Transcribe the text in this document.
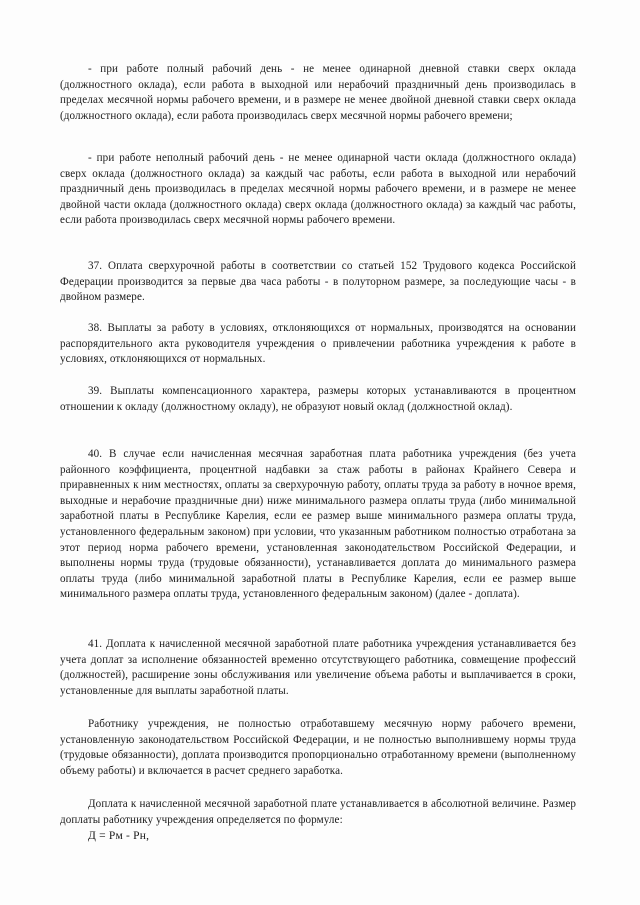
- при работе полный рабочий день - не менее одинарной дневной ставки сверх оклада (должностного оклада), если работа в выходной или нерабочий праздничный день производилась в пределах месячной нормы рабочего времени, и в размере не менее двойной дневной ставки сверх оклада (должностного оклада), если работа производилась сверх месячной нормы рабочего времени;

- при работе неполный рабочий день - не менее одинарной части оклада (должностного оклада) сверх оклада (должностного оклада) за каждый час работы, если работа в выходной или нерабочий праздничный день производилась в пределах месячной нормы рабочего времени, и в размере не менее двойной части оклада (должностного оклада) сверх оклада (должностного оклада) за каждый час работы, если работа производилась сверх месячной нормы рабочего времени.

37. Оплата сверхурочной работы в соответствии со статьей 152 Трудового кодекса Российской Федерации производится за первые два часа работы - в полуторном размере, за последующие часы - в двойном размере.

38. Выплаты за работу в условиях, отклоняющихся от нормальных, производятся на основании распорядительного акта руководителя учреждения о привлечении работника учреждения к работе в условиях, отклоняющихся от нормальных.

39. Выплаты компенсационного характера, размеры которых устанавливаются в процентном отношении к окладу (должностному окладу), не образуют новый оклад (должностной оклад).

40. В случае если начисленная месячная заработная плата работника учреждения (без учета районного коэффициента, процентной надбавки за стаж работы в районах Крайнего Севера и приравненных к ним местностях, оплаты за сверхурочную работу, оплаты труда за работу в ночное время, выходные и нерабочие праздничные дни) ниже минимального размера оплаты труда (либо минимальной заработной платы в Республике Карелия, если ее размер выше минимального размера оплаты труда, установленного федеральным законом) при условии, что указанным работником полностью отработана за этот период норма рабочего времени, установленная законодательством Российской Федерации, и выполнены нормы труда (трудовые обязанности), устанавливается доплата до минимального размера оплаты труда (либо минимальной заработной платы в Республике Карелия, если ее размер выше минимального размера оплаты труда, установленного федеральным законом) (далее - доплата).

41. Доплата к начисленной месячной заработной плате работника учреждения устанавливается без учета доплат за исполнение обязанностей временно отсутствующего работника, совмещение профессий (должностей), расширение зоны обслуживания или увеличение объема работы и выплачивается в сроки, установленные для выплаты заработной платы.

Работнику учреждения, не полностью отработавшему месячную норму рабочего времени, установленную законодательством Российской Федерации, и не полностью выполнившему нормы труда (трудовые обязанности), доплата производится пропорционально отработанному времени (выполненному объему работы) и включается в расчет среднего заработка.

Доплата к начисленной месячной заработной плате устанавливается в абсолютной величине. Размер доплаты работнику учреждения определяется по формуле:

Д = Рм - Рн,
